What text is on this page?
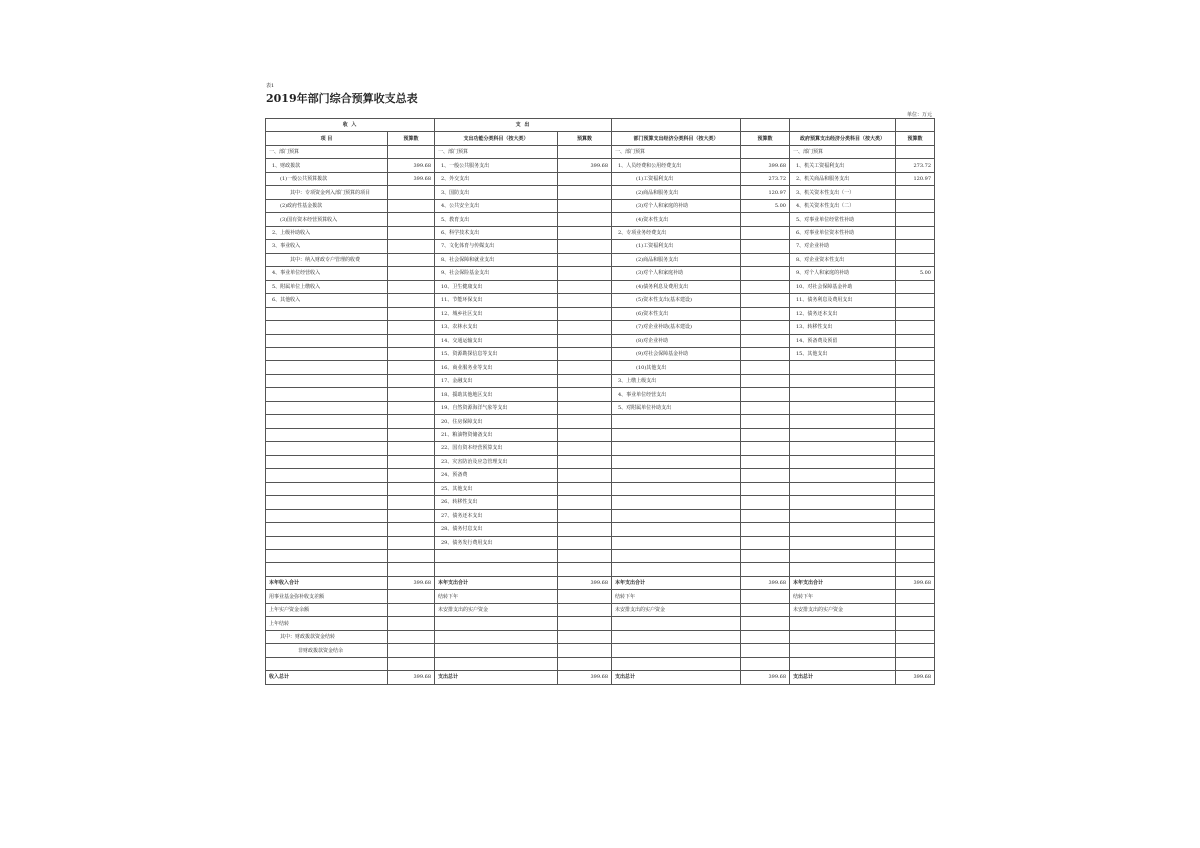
表1
2019年部门综合预算收支总表
单位：万元
收 入		支 出					
项 目	预算数	支出功能分类科目（按大类）	预算数	部门预算支出经济分类科目（按大类）	预算数	政府预算支出经济分类科目（按大类）	预算数
一、部门预算		一、部门预算		一、部门预算		一、部门预算	
1、财政拨款	399.68	1、一般公共服务支出	399.68	1、人员经费和公用经费支出	399.68	1、机关工资福利支出	273.72
(1)一般公共预算拨款	399.68	2、外交支出		(1)工资福利支出	273.72	2、机关商品和服务支出	120.97
其中：专项资金列入部门预算的项目		3、国防支出		(2)商品和服务支出	120.97	3、机关资本性支出（一）	
(2)政府性基金拨款		4、公共安全支出		(3)对个人和家庭的补助	5.00	4、机关资本性支出（二）	
(3)国有资本经营预算收入		5、教育支出		(4)资本性支出		5、对事业单位经常性补助	
2、上级补助收入		6、科学技术支出		2、专项业务经费支出		6、对事业单位资本性补助	
3、事业收入		7、文化体育与传媒支出		(1)工资福利支出		7、对企业补助	
其中：纳入财政专户管理的收费		8、社会保障和就业支出		(2)商品和服务支出		8、对企业资本性支出	
4、事业单位经营收入		9、社会保险基金支出		(3)对个人和家庭补助		9、对个人和家庭的补助	5.00
5、附属单位上缴收入		10、卫生健康支出		(4)债务利息及费用支出		10、对社会保障基金补助	
6、其他收入		11、节能环保支出		(5)资本性支出(基本建设)		11、债务利息及费用支出	
		12、城乡社区支出		(6)资本性支出		12、债务还本支出	
		13、农林水支出		(7)对企业补助(基本建设)		13、转移性支出	
		14、交通运输支出		(8)对企业补助		14、预备费及预留	
		15、资源勘探信息等支出		(9)对社会保障基金补助		15、其他支出	
		16、商业服务业等支出		(10)其他支出			
		17、金融支出		3、上缴上级支出			
		18、援助其他地区支出		4、事业单位经营支出			
		19、自然资源海洋气象等支出		5、对附属单位补助支出			
		20、住房保障支出					
		21、粮油物资储备支出					
		22、国有资本经营预算支出					
		23、灾害防治及应急管理支出					
		24、预备费					
		25、其他支出					
		26、转移性支出					
		27、债务还本支出					
		28、债务付息支出					
		29、债务发行费用支出					

本年收入合计	399.68	本年支出合计	399.68	本年支出合计	399.68	本年支出合计	399.68
用事业基金弥补收支差额		结转下年		结转下年		结转下年	
上年实户资金余额		未安排支出的实户资金		未安排支出的实户资金		未安排支出的实户资金	
上年结转							
其中：财政拨款资金结转							
非财政拨款资金结余							

收入总计	399.68	支出总计	399.68	支出总计	399.68	支出总计	399.68
